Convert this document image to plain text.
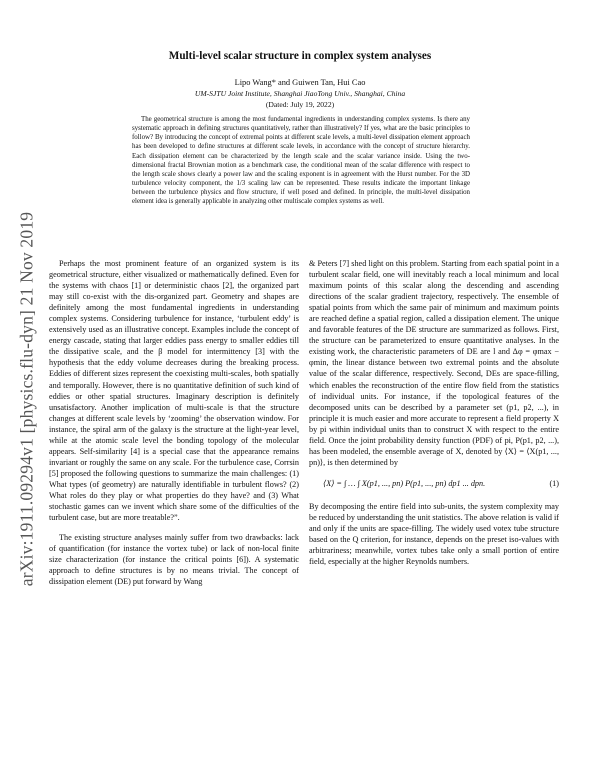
arXiv:1911.09294v1 [physics.flu-dyn] 21 Nov 2019
Multi-level scalar structure in complex system analyses
Lipo Wang* and Guiwen Tan, Hui Cao
UM-SJTU Joint Institute, Shanghai JiaoTong Univ., Shanghai, China
(Dated: July 19, 2022)

The geometrical structure is among the most fundamental ingredients in understanding complex systems. Is there any systematic approach in defining structures quantitatively, rather than illustratively? If yes, what are the basic principles to follow? By introducing the concept of extremal points at different scale levels, a multi-level dissipation element approach has been developed to define structures at different scale levels, in accordance with the concept of structure hierarchy. Each dissipation element can be characterized by the length scale and the scalar variance inside. Using the two-dimensional fractal Brownian motion as a benchmark case, the conditional mean of the scalar difference with respect to the length scale shows clearly a power law and the scaling exponent is in agreement with the Hurst number. For the 3D turbulence velocity component, the 1/3 scaling law can be represented. These results indicate the important linkage between the turbulence physics and flow structure, if well posed and defined. In principle, the multi-level dissipation element idea is generally applicable in analyzing other multiscale complex systems as well.

Perhaps the most prominent feature of an organized system is its geometrical structure, either visualized or mathematically defined. Even for the systems with chaos [1] or deterministic chaos [2], the organized part may still co-exist with the dis-organized part. Geometry and shapes are definitely among the most fundamental ingredients in understanding complex systems. Considering turbulence for instance, ‘turbulent eddy’ is extensively used as an illustrative concept. Examples include the concept of energy cascade, stating that larger eddies pass energy to smaller eddies till the dissipative scale, and the β model for intermittency [3] with the hypothesis that the eddy volume decreases during the breaking process. Eddies of different sizes represent the coexisting multi-scales, both spatially and temporally. However, there is no quantitative definition of such kind of eddies or other spatial structures. Imaginary description is definitely unsatisfactory. Another implication of multi-scale is that the structure changes at different scale levels by ‘zooming’ the observation window. For instance, the spiral arm of the galaxy is the structure at the light-year level, while at the atomic scale level the bonding topology of the molecular appears. Self-similarity [4] is a special case that the appearance remains invariant or roughly the same on any scale. For the turbulence case, Corrsin [5] proposed the following questions to summarize the main challenges: (1) What types (of geometry) are naturally identifiable in turbulent flows? (2) What roles do they play or what properties do they have? and (3) What stochastic games can we invent which share some of the difficulties of the turbulent case, but are more treatable?”.

The existing structure analyses mainly suffer from two drawbacks: lack of quantification (for instance the vortex tube) or lack of non-local finite size characterization (for instance the critical points [6]). A systematic approach to define structures is by no means trivial. The concept of dissipation element (DE) put forward by Wang

& Peters [7] shed light on this problem. Starting from each spatial point in a turbulent scalar field, one will inevitably reach a local minimum and local maximum points of this scalar along the descending and ascending directions of the scalar gradient trajectory, respectively. The ensemble of spatial points from which the same pair of minimum and maximum points are reached define a spatial region, called a dissipation element. The unique and favorable features of the DE structure are summarized as follows. First, the structure can be parameterized to ensure quantitative analyses. In the existing work, the characteristic parameters of DE are l and Δφ = φmax − φmin, the linear distance between two extremal points and the absolute value of the scalar difference, respectively. Second, DEs are space-filling, which enables the reconstruction of the entire flow field from the statistics of individual units. For instance, if the topological features of the decomposed units can be described by a parameter set (p1, p2, ...), in principle it is much easier and more accurate to represent a field property X by pi within individual units than to construct X with respect to the entire field. Once the joint probability density function (PDF) of pi, P(p1, p2, ...), has been modeled, the ensemble average of X, denoted by ⟨X⟩ = ⟨X(p1, ..., pn)⟩, is then determined by

⟨X⟩ = ∫ … ∫ X(p1, ..., pn) P(p1, ..., pn) dp1 ... dpn.	(1)

By decomposing the entire field into sub-units, the system complexity may be reduced by understanding the unit statistics. The above relation is valid if and only if the units are space-filling. The widely used votex tube structure based on the Q criterion, for instance, depends on the preset iso-values with arbitrariness; meanwhile, vortex tubes take only a small portion of entire field, especially at the higher Reynolds numbers.
